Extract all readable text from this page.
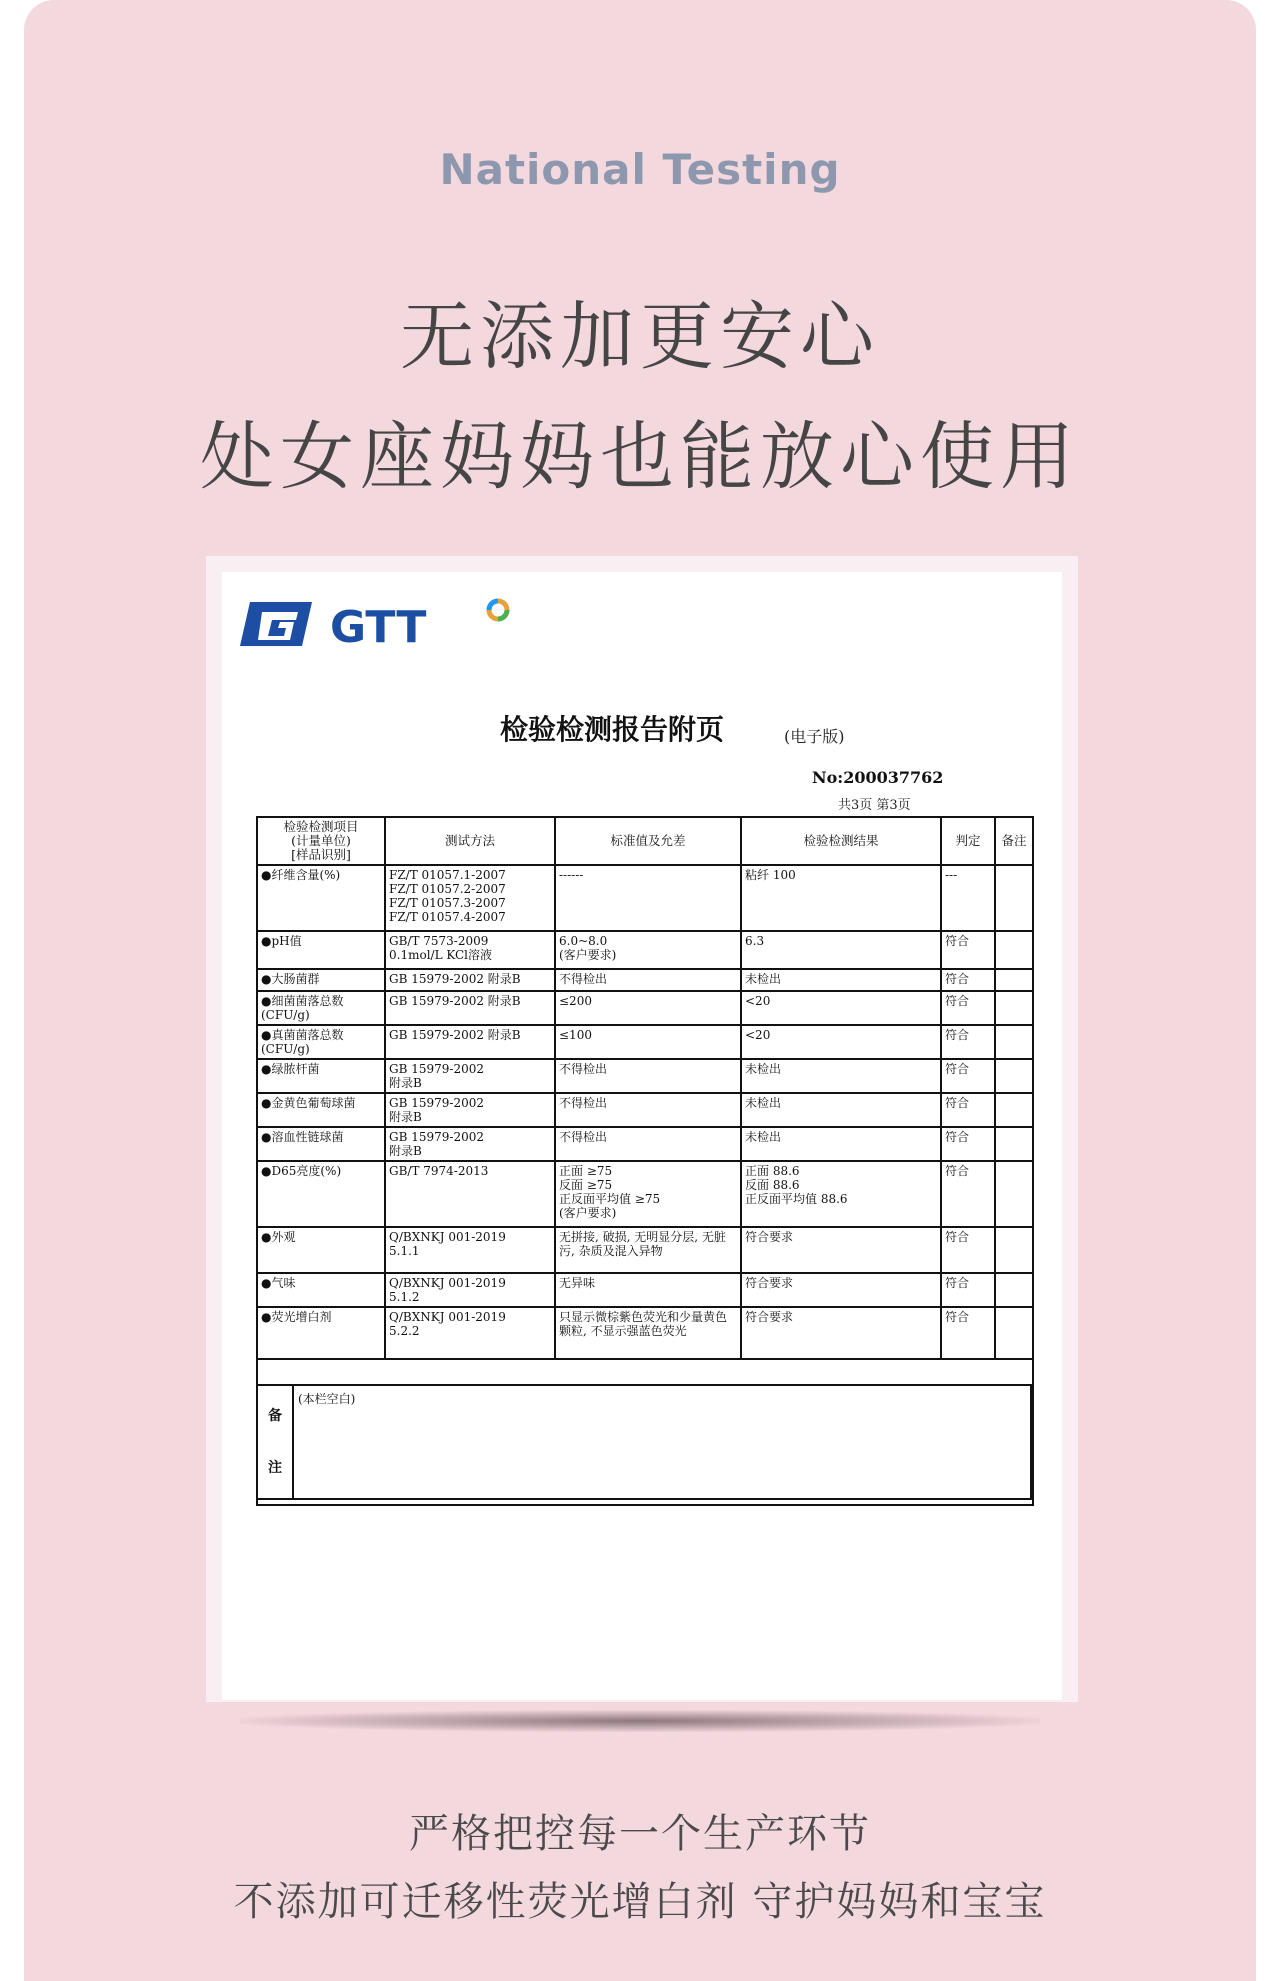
National Testing
无添加更安心
处女座妈妈也能放心使用
GTT
检验检测报告附页	(电子版)
No:200037762
共3页 第3页
检验检测项目
(计量单位)
[样品识别]	测试方法	标准值及允差	检验检测结果	判定	备注
●纤维含量(%)	FZ/T 01057.1-2007
FZ/T 01057.2-2007
FZ/T 01057.3-2007
FZ/T 01057.4-2007	------	粘纤 100	---	
●pH值	GB/T 7573-2009
0.1mol/L KCl溶液	6.0~8.0
(客户要求)	6.3	符合	
●大肠菌群	GB 15979-2002 附录B	不得检出	未检出	符合	
●细菌菌落总数
(CFU/g)	GB 15979-2002 附录B	≤200	<20	符合	
●真菌菌落总数
(CFU/g)	GB 15979-2002 附录B	≤100	<20	符合	
●绿脓杆菌	GB 15979-2002
附录B	不得检出	未检出	符合	
●金黄色葡萄球菌	GB 15979-2002
附录B	不得检出	未检出	符合	
●溶血性链球菌	GB 15979-2002
附录B	不得检出	未检出	符合	
●D65亮度(%)	GB/T 7974-2013	正面 ≥75
反面 ≥75
正反面平均值 ≥75
(客户要求)	正面 88.6
反面 88.6
正反面平均值 88.6	符合	
●外观	Q/BXNKJ 001-2019
5.1.1	无拼接, 破损, 无明显分层, 无脏污, 杂质及混入异物	符合要求	符合	
●气味	Q/BXNKJ 001-2019
5.1.2	无异味	符合要求	符合	
●荧光增白剂	Q/BXNKJ 001-2019
5.2.2	只显示微棕紫色荧光和少量黄色颗粒, 不显示强蓝色荧光	符合要求	符合	

备
注
	(本栏空白)
严格把控每一个生产环节
不添加可迁移性荧光增白剂 守护妈妈和宝宝
